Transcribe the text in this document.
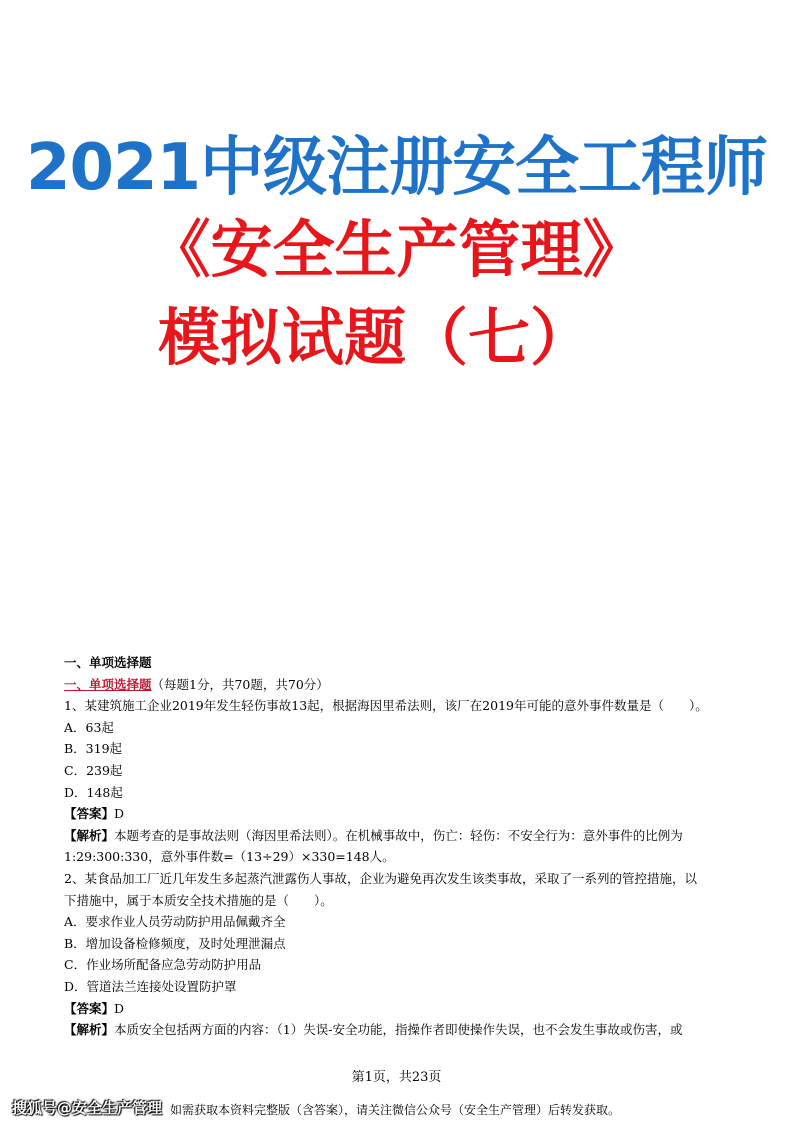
2021中级注册安全工程师
《安全生产管理》
模拟试题（七）
一、单项选择题
一、单项选择题（每题1分，共70题，共70分）
1、某建筑施工企业2019年发生轻伤事故13起，根据海因里希法则，该厂在2019年可能的意外事件数量是（　　）。
A．63起
B．319起
C．239起
D．148起
【答案】D
【解析】本题考查的是事故法则（海因里希法则）。在机械事故中，伤亡：轻伤：不安全行为：意外事件的比例为
1:29:300:330，意外事件数=（13÷29）×330=148人。
2、某食品加工厂近几年发生多起蒸汽泄露伤人事故，企业为避免再次发生该类事故，采取了一系列的管控措施，以
下措施中，属于本质安全技术措施的是（　　）。
A．要求作业人员劳动防护用品佩戴齐全
B．增加设备检修频度，及时处理泄漏点
C．作业场所配备应急劳动防护用品
D．管道法兰连接处设置防护罩
【答案】D
【解析】本质安全包括两方面的内容：（1）失误-安全功能，指操作者即使操作失误，也不会发生事故或伤害，或
第1页，共23页
搜狐号@安全生产管理 如需获取本资料完整版（含答案），请关注微信公众号（安全生产管理）后转发获取。
